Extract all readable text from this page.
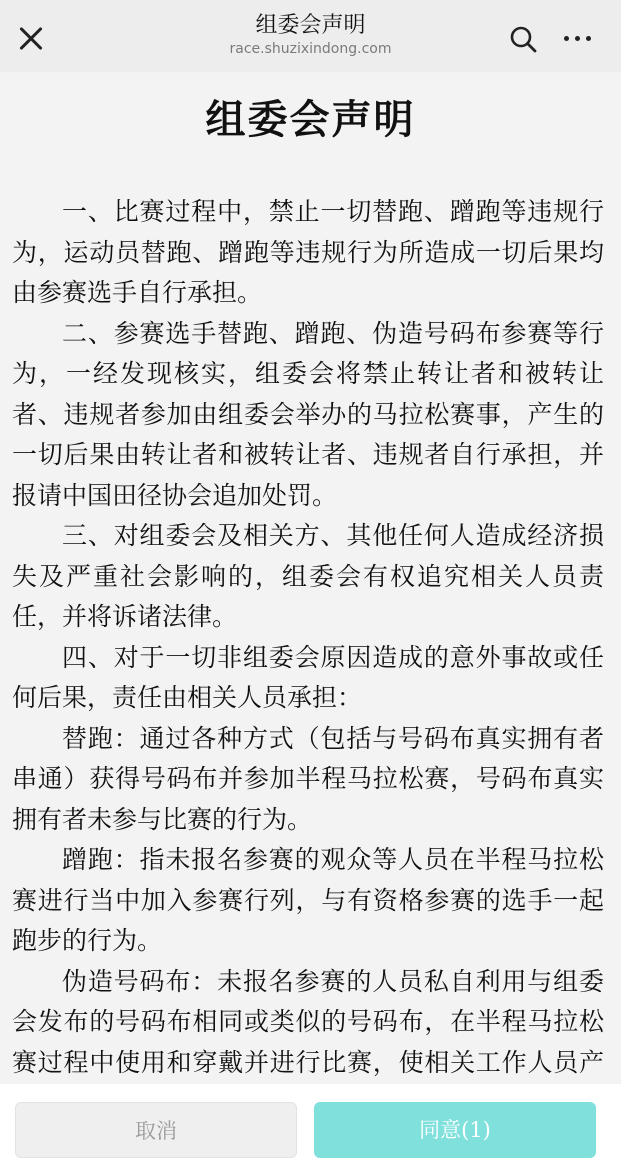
组委会声明
race.shuzixindong.com
组委会声明

一、比赛过程中，禁止一切替跑、蹭跑等违规行为，运动员替跑、蹭跑等违规行为所造成一切后果均由参赛选手自行承担。

二、参赛选手替跑、蹭跑、伪造号码布参赛等行为，一经发现核实，组委会将禁止转让者和被转让者、违规者参加由组委会举办的马拉松赛事，产生的一切后果由转让者和被转让者、违规者自行承担，并报请中国田径协会追加处罚。

三、对组委会及相关方、其他任何人造成经济损失及严重社会影响的，组委会有权追究相关人员责任，并将诉诸法律。

四、对于一切非组委会原因造成的意外事故或任何后果，责任由相关人员承担：

替跑：通过各种方式（包括与号码布真实拥有者串通）获得号码布并参加半程马拉松赛，号码布真实拥有者未参与比赛的行为。

蹭跑：指未报名参赛的观众等人员在半程马拉松赛进行当中加入参赛行列，与有资格参赛的选手一起跑步的行为。

伪造号码布：未报名参赛的人员私自利用与组委会发布的号码布相同或类似的号码布，在半程马拉松赛过程中使用和穿戴并进行比赛，使相关工作人员产

取消	同意(1)
